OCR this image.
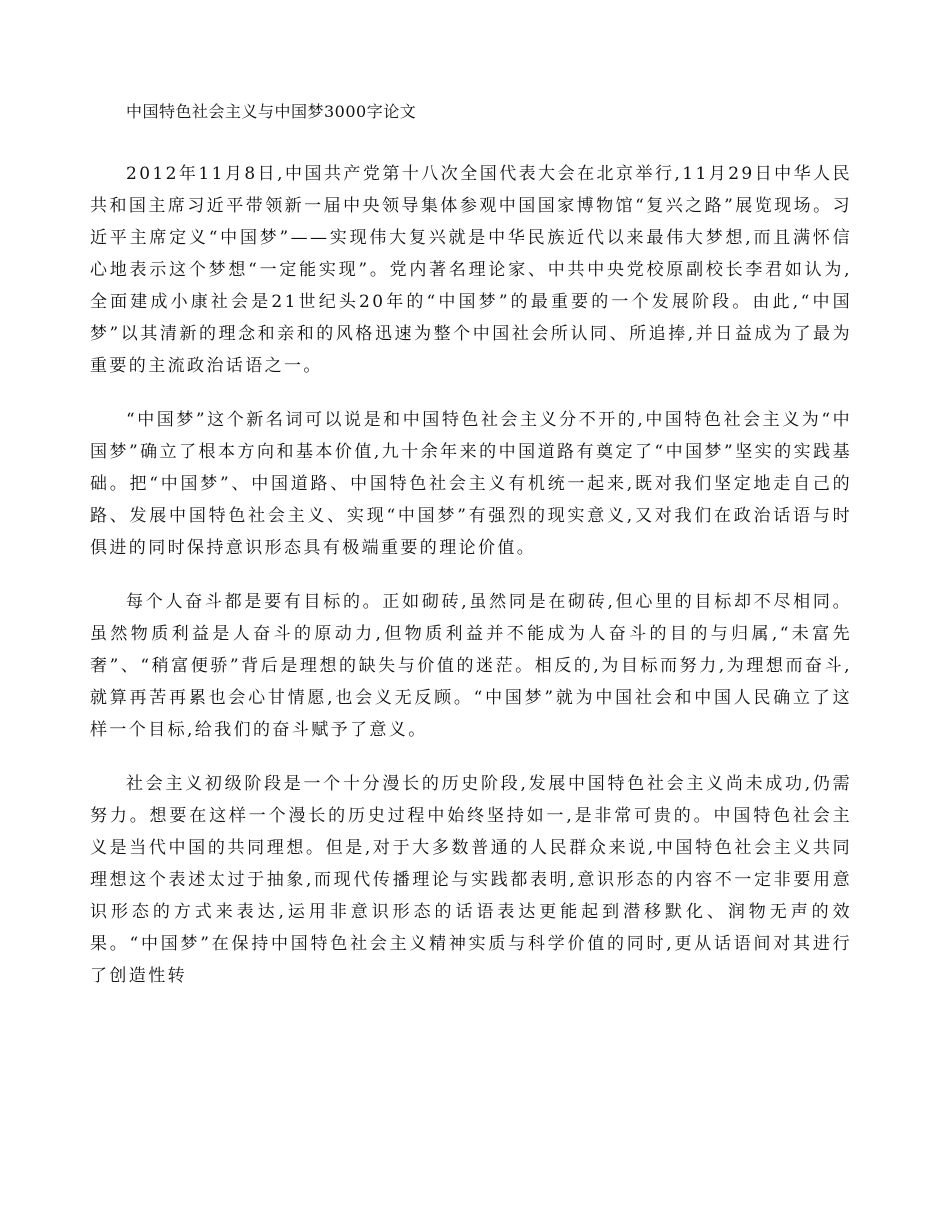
中国特色社会主义与中国梦3000字论文

2012年11月8日,中国共产党第十八次全国代表大会在北京举行,11月29日中华人民共和国主席习近平带领新一届中央领导集体参观中国国家博物馆“复兴之路”展览现场。习近平主席定义“中国梦”——实现伟大复兴就是中华民族近代以来最伟大梦想,而且满怀信心地表示这个梦想“一定能实现”。党内著名理论家、中共中央党校原副校长李君如认为,全面建成小康社会是21世纪头20年的“中国梦”的最重要的一个发展阶段。由此,“中国梦”以其清新的理念和亲和的风格迅速为整个中国社会所认同、所追捧,并日益成为了最为重要的主流政治话语之一。

“中国梦”这个新名词可以说是和中国特色社会主义分不开的,中国特色社会主义为“中国梦”确立了根本方向和基本价值,九十余年来的中国道路有奠定了“中国梦”坚实的实践基础。把“中国梦”、中国道路、中国特色社会主义有机统一起来,既对我们坚定地走自己的路、发展中国特色社会主义、实现“中国梦”有强烈的现实意义,又对我们在政治话语与时俱进的同时保持意识形态具有极端重要的理论价值。

每个人奋斗都是要有目标的。正如砌砖,虽然同是在砌砖,但心里的目标却不尽相同。虽然物质利益是人奋斗的原动力,但物质利益并不能成为人奋斗的目的与归属,“未富先奢”、“稍富便骄”背后是理想的缺失与价值的迷茫。相反的,为目标而努力,为理想而奋斗,就算再苦再累也会心甘情愿,也会义无反顾。“中国梦”就为中国社会和中国人民确立了这样一个目标,给我们的奋斗赋予了意义。

社会主义初级阶段是一个十分漫长的历史阶段,发展中国特色社会主义尚未成功,仍需努力。想要在这样一个漫长的历史过程中始终坚持如一,是非常可贵的。中国特色社会主义是当代中国的共同理想。但是,对于大多数普通的人民群众来说,中国特色社会主义共同理想这个表述太过于抽象,而现代传播理论与实践都表明,意识形态的内容不一定非要用意识形态的方式来表达,运用非意识形态的话语表达更能起到潜移默化、润物无声的效果。“中国梦”在保持中国特色社会主义精神实质与科学价值的同时,更从话语间对其进行了创造性转
